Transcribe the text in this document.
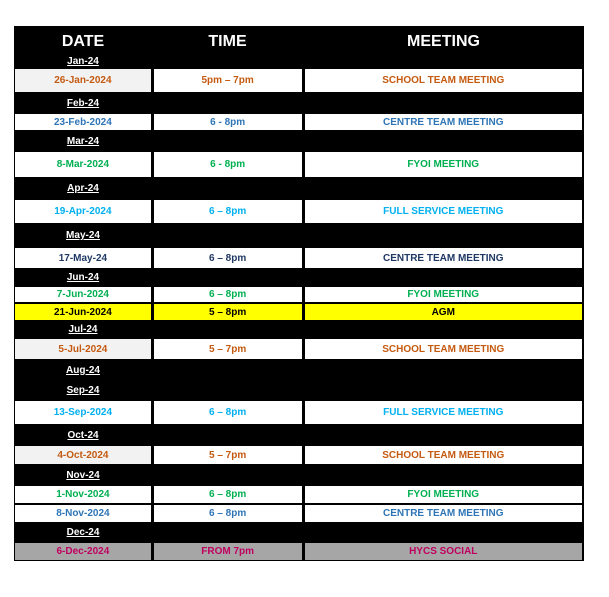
DATE	TIME	MEETING
Jan-24
26-Jan-2024	5pm – 7pm	SCHOOL TEAM MEETING
Feb-24
23-Feb-2024	6 - 8pm	CENTRE TEAM MEETING
Mar-24
8-Mar-2024	6 - 8pm	FYOI MEETING
Apr-24
19-Apr-2024	6 – 8pm	FULL SERVICE MEETING
May-24
17-May-24	6 – 8pm	CENTRE TEAM MEETING
Jun-24
7-Jun-2024	6 – 8pm	FYOI MEETING
21-Jun-2024	5 – 8pm	AGM
Jul-24
5-Jul-2024	5 – 7pm	SCHOOL TEAM MEETING
Aug-24
Sep-24
13-Sep-2024	6 – 8pm	FULL SERVICE MEETING
Oct-24
4-Oct-2024	5 – 7pm	SCHOOL TEAM MEETING
Nov-24
1-Nov-2024	6 – 8pm	FYOI MEETING
8-Nov-2024	6 – 8pm	CENTRE TEAM MEETING
Dec-24
6-Dec-2024	FROM 7pm	HYCS SOCIAL
